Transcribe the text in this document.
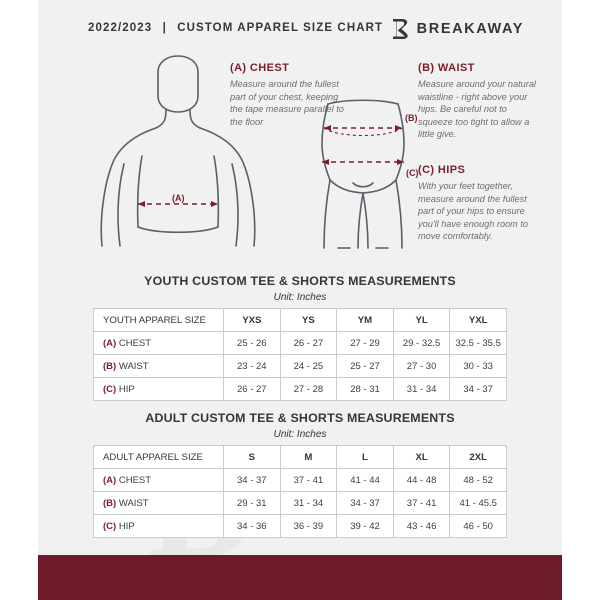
2022/2023 | CUSTOM APPAREL SIZE CHART BREAKAWAY
(A)
(B)
(C)
(A) CHEST
Measure around the fullest part of your chest, keeping the tape measure parallel to the floor
(B) WAIST
Measure around your natural waistline - right above your hips. Be careful not to squeeze too tight to allow a little give.
(C) HIPS
With your feet together, measure around the fullest part of your hips to ensure you'll have enough room to move comfortably.
YOUTH CUSTOM TEE & SHORTS MEASUREMENTS
Unit: Inches
YOUTH APPAREL SIZE	YXS	YS	YM	YL	YXL
(A) CHEST	25 - 26	26 - 27	27 - 29	29 - 32.5	32.5 - 35.5
(B) WAIST	23 - 24	24 - 25	25 - 27	27 - 30	30 - 33
(C) HIP	26 - 27	27 - 28	28 - 31	31 - 34	34 - 37
ADULT CUSTOM TEE & SHORTS MEASUREMENTS
Unit: Inches
ADULT APPAREL SIZE	S	M	L	XL	2XL
(A) CHEST	34 - 37	37 - 41	41 - 44	44 - 48	48 - 52
(B) WAIST	29 - 31	31 - 34	34 - 37	37 - 41	41 - 45.5
(C) HIP	34 - 36	36 - 39	39 - 42	43 - 46	46 - 50
